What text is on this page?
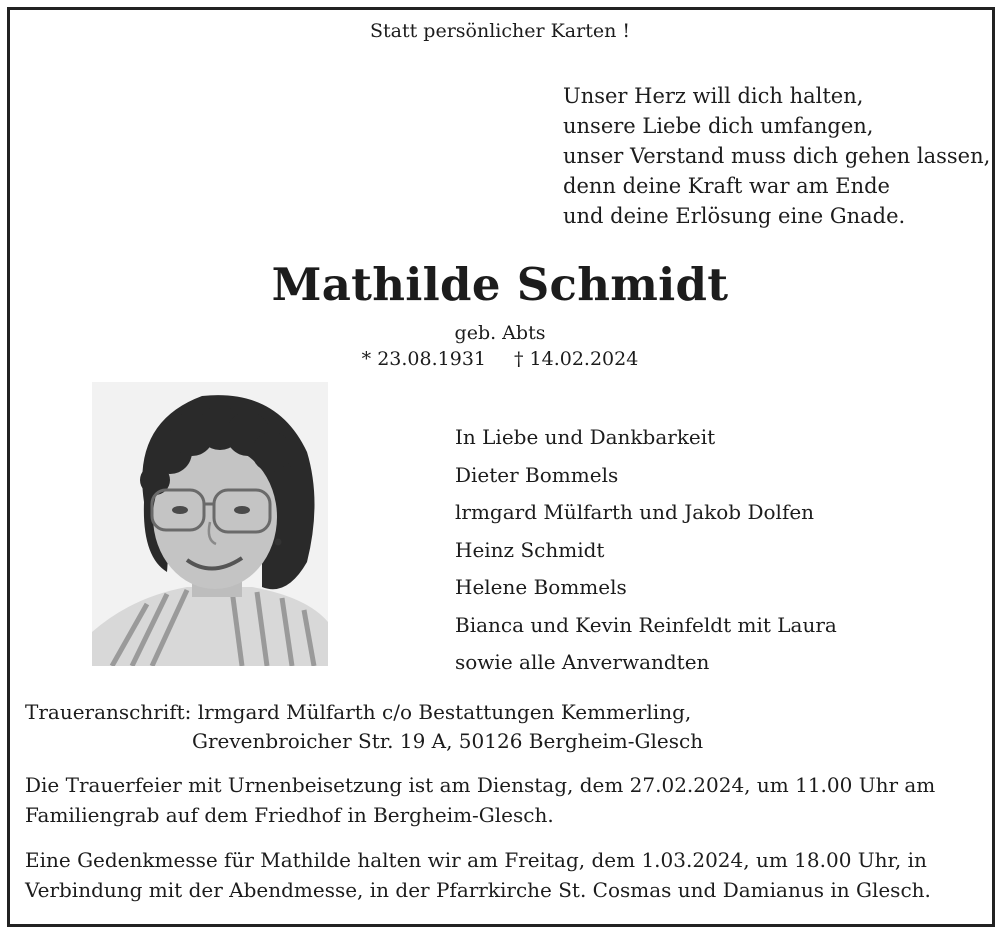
Statt persönlicher Karten !
Unser Herz will dich halten,
unsere Liebe dich umfangen,
unser Verstand muss dich gehen lassen,
denn deine Kraft war am Ende
und deine Erlösung eine Gnade.
Mathilde Schmidt
geb. Abts
* 23.08.1931 † 14.02.2024
In Liebe und Dankbarkeit
Dieter Bommels
lrmgard Mülfarth und Jakob Dolfen
Heinz Schmidt
Helene Bommels
Bianca und Kevin Reinfeldt mit Laura
sowie alle Anverwandten
Traueranschrift: lrmgard Mülfarth c/o Bestattungen Kemmerling,
Grevenbroicher Str. 19 A, 50126 Bergheim-Glesch
Die Trauerfeier mit Urnenbeisetzung ist am Dienstag, dem 27.02.2024, um 11.00 Uhr am Familiengrab auf dem Friedhof in Bergheim-Glesch.
Eine Gedenkmesse für Mathilde halten wir am Freitag, dem 1.03.2024, um 18.00 Uhr, in Verbindung mit der Abendmesse, in der Pfarrkirche St. Cosmas und Damianus in Glesch.
